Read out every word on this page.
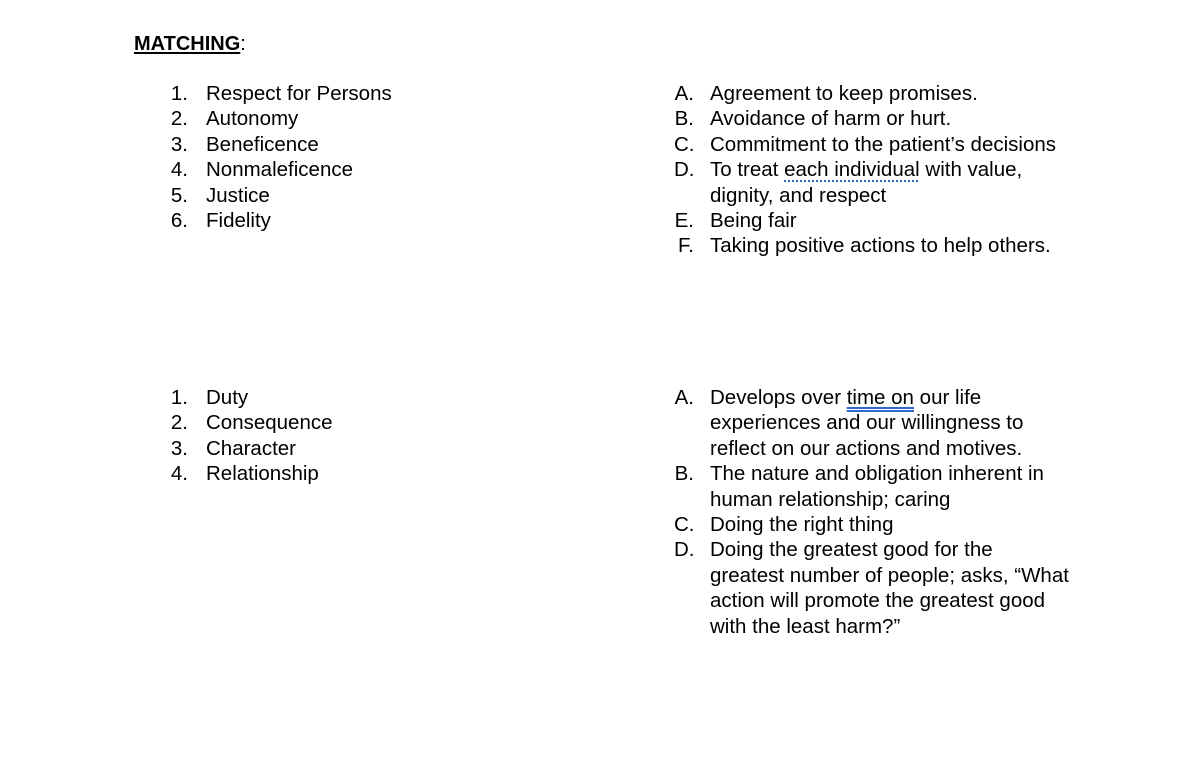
MATCHING:
1. Respect for Persons
2. Autonomy
3. Beneficence
4. Nonmaleficence
5. Justice
6. Fidelity
A. Agreement to keep promises.
B. Avoidance of harm or hurt.
C. Commitment to the patient’s decisions
D. To treat each individual with value, dignity, and respect
E. Being fair
F. Taking positive actions to help others.
1. Duty
2. Consequence
3. Character
4. Relationship
A. Develops over time on our life experiences and our willingness to reflect on our actions and motives.
B. The nature and obligation inherent in human relationship; caring
C. Doing the right thing
D. Doing the greatest good for the greatest number of people; asks, “What action will promote the greatest good with the least harm?”
